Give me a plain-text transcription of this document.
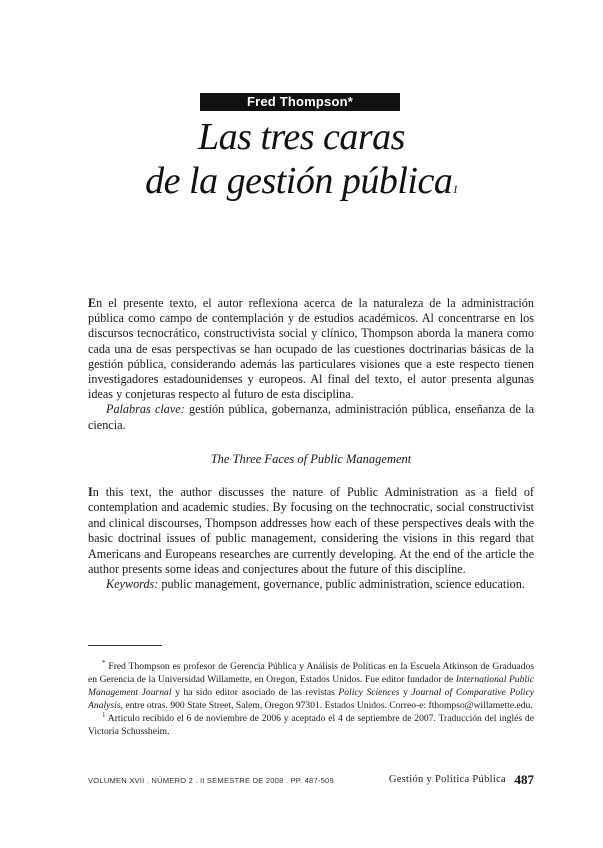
Fred Thompson*
Las tres caras
de la gestión pública$^1$
En el presente texto, el autor reflexiona acerca de la naturaleza de la administración pública como campo de contemplación y de estudios académicos. Al concentrarse en los discursos tecnocrático, constructivista social y clínico, Thompson aborda la manera como cada una de esas perspectivas se han ocupado de las cuestiones doctrinarias básicas de la gestión pública, considerando además las particulares visiones que a este respecto tienen investigadores estadounidenses y europeos. Al final del texto, el autor presenta algunas ideas y conjeturas respecto al futuro de esta disciplina.
Palabras clave: gestión pública, gobernanza, administración pública, enseñanza de la ciencia.
The Three Faces of Public Management
In this text, the author discusses the nature of Public Administration as a field of contemplation and academic studies. By focusing on the technocratic, social constructivist and clinical discourses, Thompson addresses how each of these perspectives deals with the basic doctrinal issues of public management, considering the visions in this regard that Americans and Europeans researches are currently developing. At the end of the article the author presents some ideas and conjectures about the future of this discipline.
Keywords: public management, governance, public administration, science education.
* Fred Thompson es profesor de Gerencia Pública y Análisis de Políticas en la Escuela Atkinson de Graduados en Gerencia de la Universidad Willamette, en Oregon, Estados Unidos. Fue editor fundador de International Public Management Journal y ha sido editor asociado de las revistas Policy Sciences y Journal of Comparative Policy Analysis, entre otras. 900 State Street, Salem, Oregon 97301. Estados Unidos. Correo-e: fthompso@willamette.edu.
$^1$ Artículo recibido el 6 de noviembre de 2006 y aceptado el 4 de septiembre de 2007. Traducción del inglés de Victoria Schussheim.
VOLUMEN XVII . NÚMERO 2 . II SEMESTRE DE 2008 . PP. 487-509	Gestión y Política Pública 487
